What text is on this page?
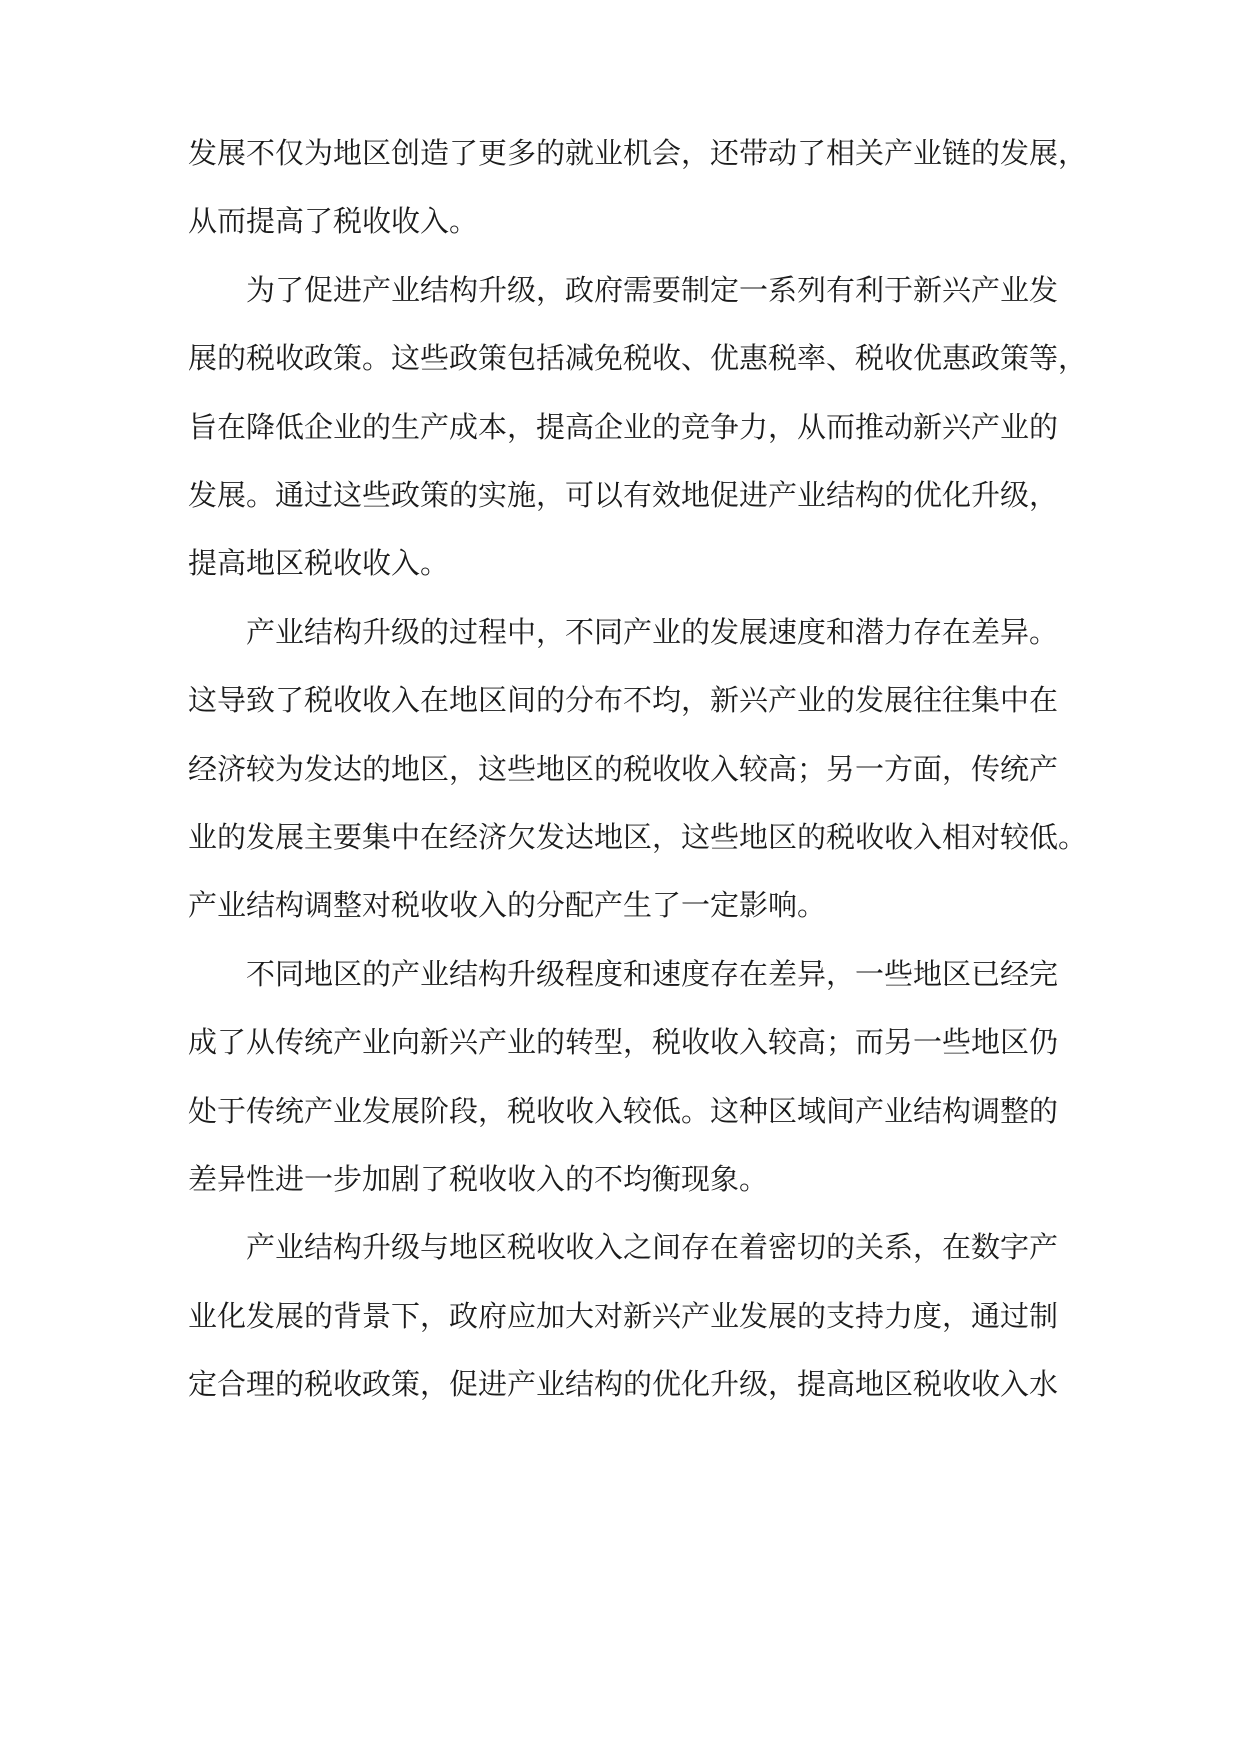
发展不仅为地区创造了更多的就业机会，还带动了相关产业链的发展，
从而提高了税收收入。
为了促进产业结构升级，政府需要制定一系列有利于新兴产业发
展的税收政策。这些政策包括减免税收、优惠税率、税收优惠政策等，
旨在降低企业的生产成本，提高企业的竞争力，从而推动新兴产业的
发展。通过这些政策的实施，可以有效地促进产业结构的优化升级，
提高地区税收收入。
产业结构升级的过程中，不同产业的发展速度和潜力存在差异。
这导致了税收收入在地区间的分布不均，新兴产业的发展往往集中在
经济较为发达的地区，这些地区的税收收入较高；另一方面，传统产
业的发展主要集中在经济欠发达地区，这些地区的税收收入相对较低。
产业结构调整对税收收入的分配产生了一定影响。
不同地区的产业结构升级程度和速度存在差异，一些地区已经完
成了从传统产业向新兴产业的转型，税收收入较高；而另一些地区仍
处于传统产业发展阶段，税收收入较低。这种区域间产业结构调整的
差异性进一步加剧了税收收入的不均衡现象。
产业结构升级与地区税收收入之间存在着密切的关系，在数字产
业化发展的背景下，政府应加大对新兴产业发展的支持力度，通过制
定合理的税收政策，促进产业结构的优化升级，提高地区税收收入水
